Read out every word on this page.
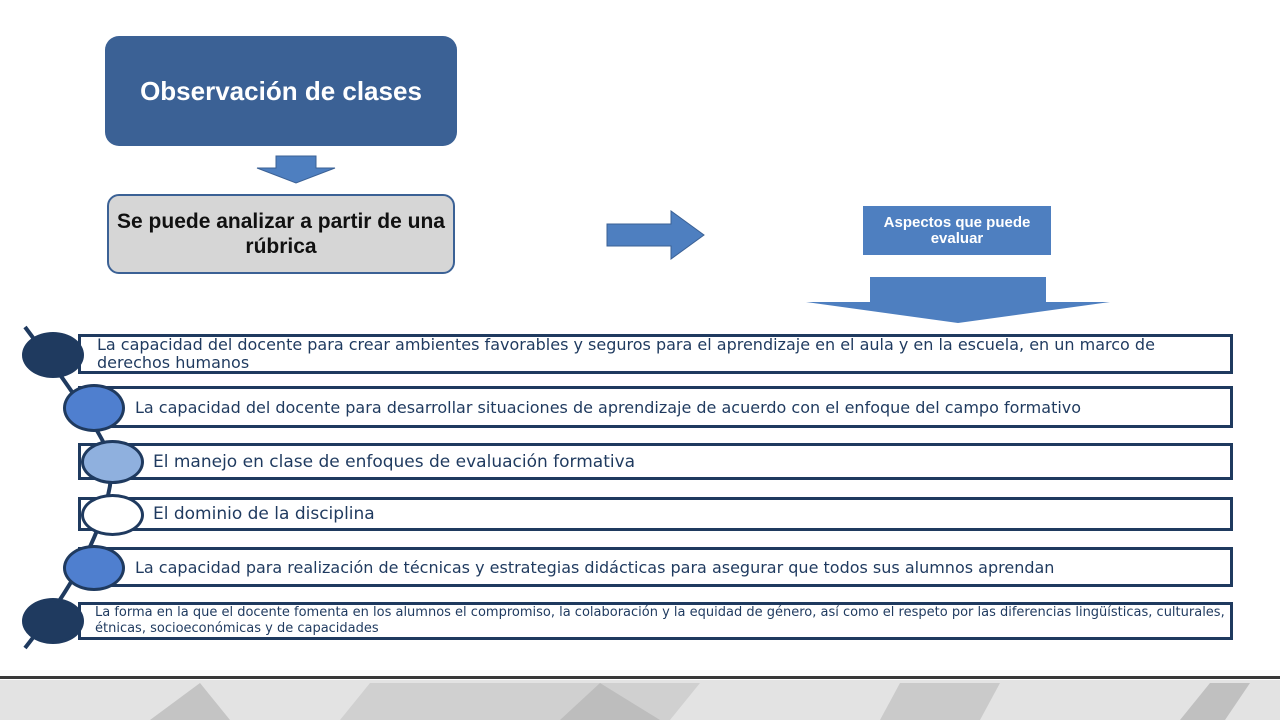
Observación de clases
Se puede analizar a partir de una rúbrica
Aspectos que puede evaluar
La capacidad del docente para crear ambientes favorables y seguros para el aprendizaje en el aula y en la escuela, en un marco de derechos humanos
La capacidad del docente para desarrollar situaciones de aprendizaje de acuerdo con el enfoque del campo formativo
El manejo en clase de enfoques de evaluación formativa
El dominio de la disciplina
La capacidad para realización de técnicas y estrategias didácticas para asegurar que todos sus alumnos aprendan
La forma en la que el docente fomenta en los alumnos el compromiso, la colaboración y la equidad de género, así como el respeto por las diferencias lingüísticas, culturales, étnicas, socioeconómicas y de capacidades
